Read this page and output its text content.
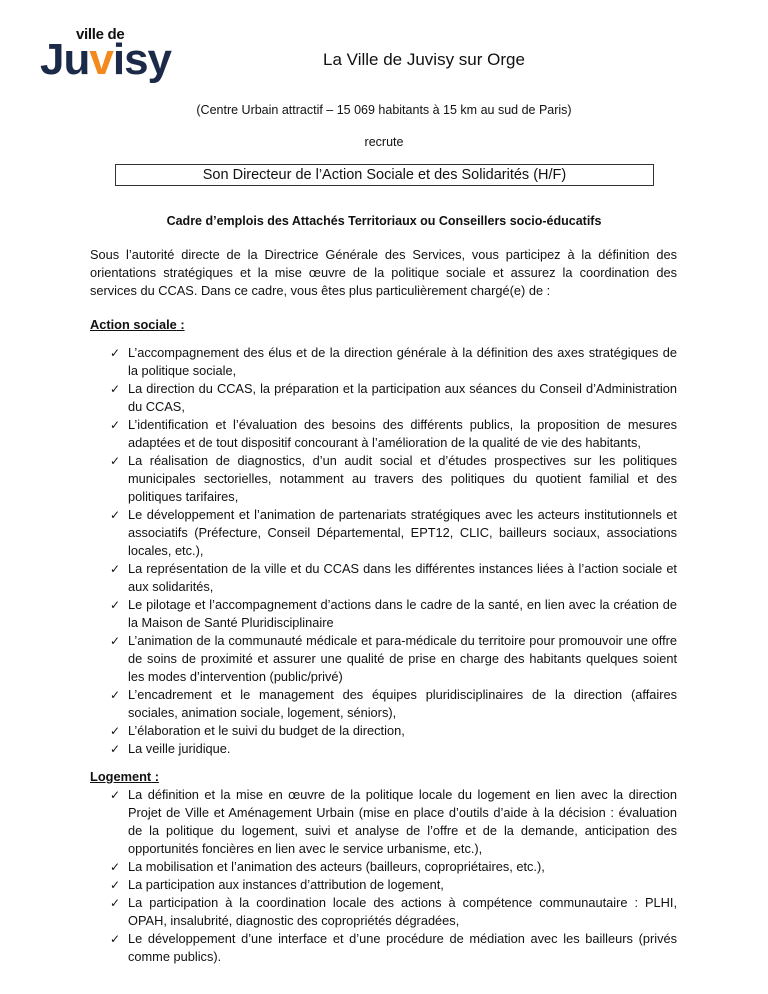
ville de
Juvisy	La Ville de Juvisy sur Orge
(Centre Urbain attractif – 15 069 habitants à 15 km au sud de Paris)
recrute
Son Directeur de l’Action Sociale et des Solidarités (H/F)
Cadre d’emplois des Attachés Territoriaux ou Conseillers socio-éducatifs

Sous l’autorité directe de la Directrice Générale des Services, vous participez à la définition des orientations stratégiques et la mise œuvre de la politique sociale et assurez la coordination des services du CCAS. Dans ce cadre, vous êtes plus particulièrement chargé(e) de :

Action sociale :
✓ L’accompagnement des élus et de la direction générale à la définition des axes stratégiques de la politique sociale,
✓ La direction du CCAS, la préparation et la participation aux séances du Conseil d’Administration du CCAS,
✓ L’identification et l’évaluation des besoins des différents publics, la proposition de mesures adaptées et de tout dispositif concourant à l’amélioration de la qualité de vie des habitants,
✓ La réalisation de diagnostics, d’un audit social et d’études prospectives sur les politiques municipales sectorielles, notamment au travers des politiques du quotient familial et des politiques tarifaires,
✓ Le développement et l’animation de partenariats stratégiques avec les acteurs institutionnels et associatifs (Préfecture, Conseil Départemental, EPT12, CLIC, bailleurs sociaux, associations locales, etc.),
✓ La représentation de la ville et du CCAS dans les différentes instances liées à l’action sociale et aux solidarités,
✓ Le pilotage et l’accompagnement d’actions dans le cadre de la santé, en lien avec la création de la Maison de Santé Pluridisciplinaire
✓ L’animation de la communauté médicale et para-médicale du territoire pour promouvoir une offre de soins de proximité et assurer une qualité de prise en charge des habitants quelques soient les modes d’intervention (public/privé)
✓ L’encadrement et le management des équipes pluridisciplinaires de la direction (affaires sociales, animation sociale, logement, séniors),
✓ L’élaboration et le suivi du budget de la direction,
✓ La veille juridique.
Logement :
✓ La définition et la mise en œuvre de la politique locale du logement en lien avec la direction Projet de Ville et Aménagement Urbain (mise en place d’outils d’aide à la décision : évaluation de la politique du logement, suivi et analyse de l’offre et de la demande, anticipation des opportunités foncières en lien avec le service urbanisme, etc.),
✓ La mobilisation et l’animation des acteurs (bailleurs, copropriétaires, etc.),
✓ La participation aux instances d’attribution de logement,
✓ La participation à la coordination locale des actions à compétence communautaire : PLHI, OPAH, insalubrité, diagnostic des copropriétés dégradées,
✓ Le développement d’une interface et d’une procédure de médiation avec les bailleurs (privés comme publics).
